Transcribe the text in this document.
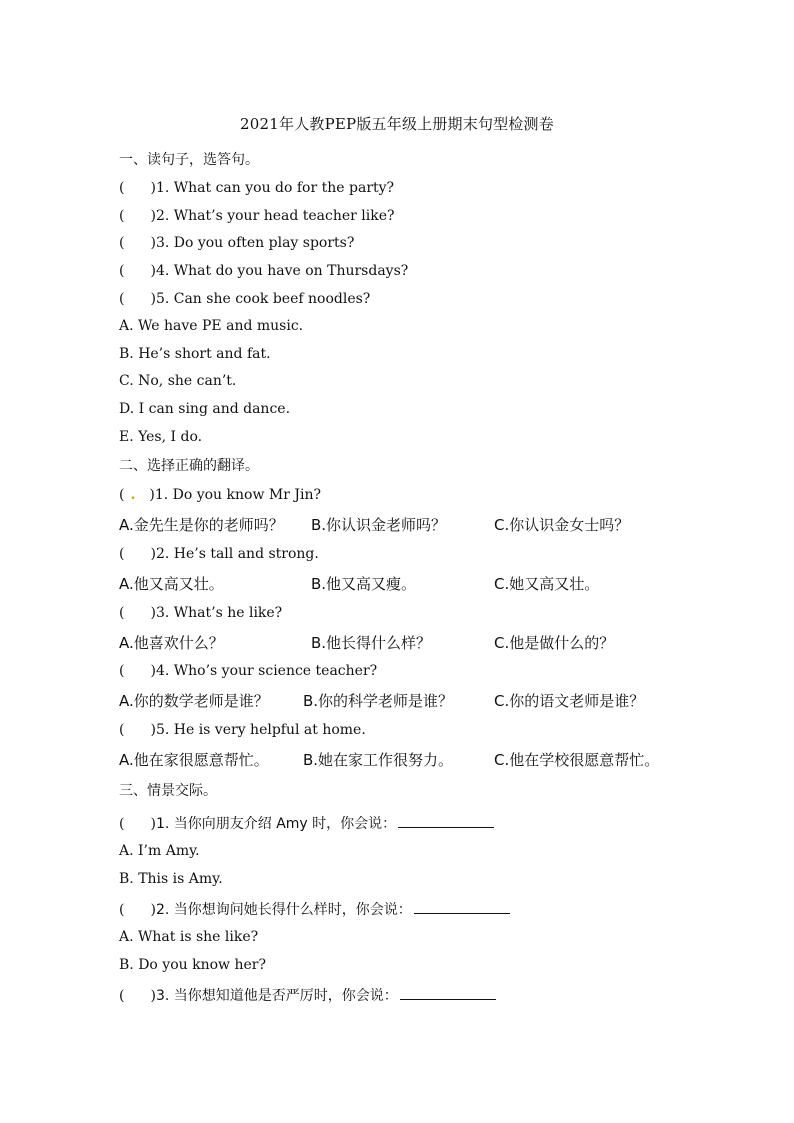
2021年人教PEP版五年级上册期末句型检测卷
一、读句子，选答句。
( )1. What can you do for the party?
( )2. What’s your head teacher like?
( )3. Do you often play sports?
( )4. What do you have on Thursdays?
( )5. Can she cook beef noodles?
A. We have PE and music.
B. He’s short and fat.
C. No, she can’t.
D. I can sing and dance.
E. Yes, I do.
二、选择正确的翻译。
( . )1. Do you know Mr Jin?
A.金先生是你的老师吗？ B.你认识金老师吗？	C.你认识金女士吗？
( )2. He’s tall and strong.
A.他又高又壮。	B.他又高又瘦。	C.她又高又壮。
( )3. What’s he like?
A.他喜欢什么？	B.他长得什么样？	C.他是做什么的？
( )4. Who’s your science teacher?
A.你的数学老师是谁？ B.你的科学老师是谁？	C.你的语文老师是谁？
( )5. He is very helpful at home.
A.他在家很愿意帮忙。 B.她在家工作很努力。	C.他在学校很愿意帮忙。
三、情景交际。
( )1. 当你向朋友介绍 Amy 时，你会说：
A. I’m Amy.
B. This is Amy.
( )2. 当你想询问她长得什么样时，你会说：
A. What is she like?
B. Do you know her?
( )3. 当你想知道他是否严厉时，你会说：
